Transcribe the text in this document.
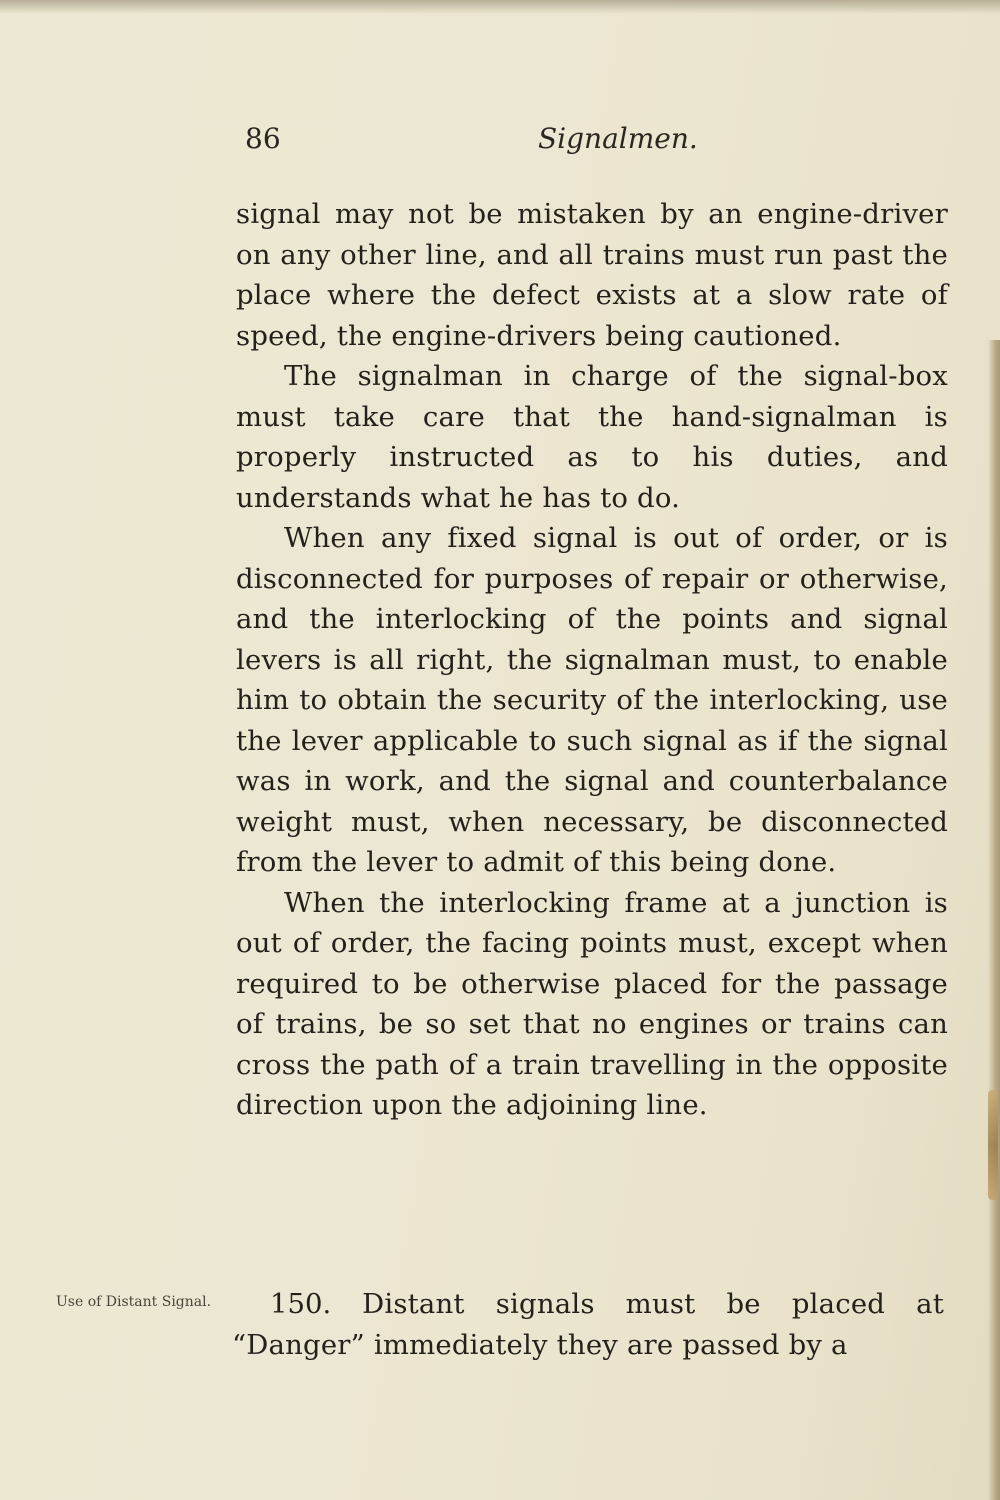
86	Signalmen.

signal may not be mistaken by an engine-driver on any other line, and all trains must run past the place where the defect exists at a slow rate of speed, the engine-drivers being cautioned.

The signalman in charge of the signal-box must take care that the hand-signalman is properly instructed as to his duties, and understands what he has to do.

When any fixed signal is out of order, or is disconnected for purposes of repair or otherwise, and the interlocking of the points and signal levers is all right, the signalman must, to enable him to obtain the security of the interlocking, use the lever applicable to such signal as if the signal was in work, and the signal and counterbalance weight must, when necessary, be disconnected from the lever to admit of this being done.

When the interlocking frame at a junction is out of order, the facing points must, except when required to be otherwise placed for the passage of trains, be so set that no engines or trains can cross the path of a train travelling in the opposite direction upon the adjoining line.

Use of Distant Signal.	150. Distant signals must be placed at “Danger” immediately they are passed by a
